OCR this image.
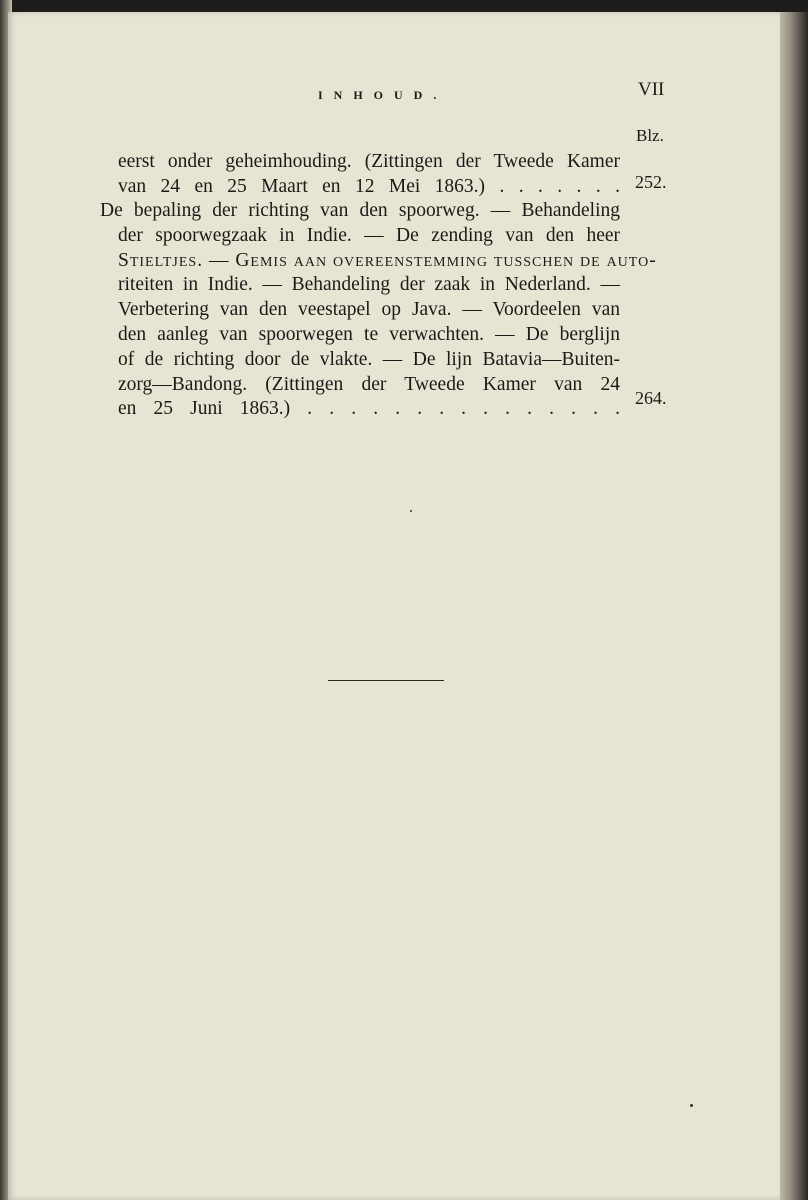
INHOUD.	VII
Blz.
eerst onder geheimhouding. (Zittingen der Tweede Kamer
van 24 en 25 Maart en 12 Mei 1863.) . . . . . . . 252.
De bepaling der richting van den spoorweg. — Behandeling
der spoorwegzaak in Indie. — De zending van den heer
Stieltjes. — Gemis aan overeenstemming tusschen de auto-
riteiten in Indie. — Behandeling der zaak in Nederland. —
Verbetering van den veestapel op Java. — Voordeelen van
den aanleg van spoorwegen te verwachten. — De berglijn
of de richting door de vlakte. — De lijn Batavia—Buiten-
zorg—Bandong. (Zittingen der Tweede Kamer van 24
en 25 Juni 1863.) . . . . . . . . . . . . . . .
264.
